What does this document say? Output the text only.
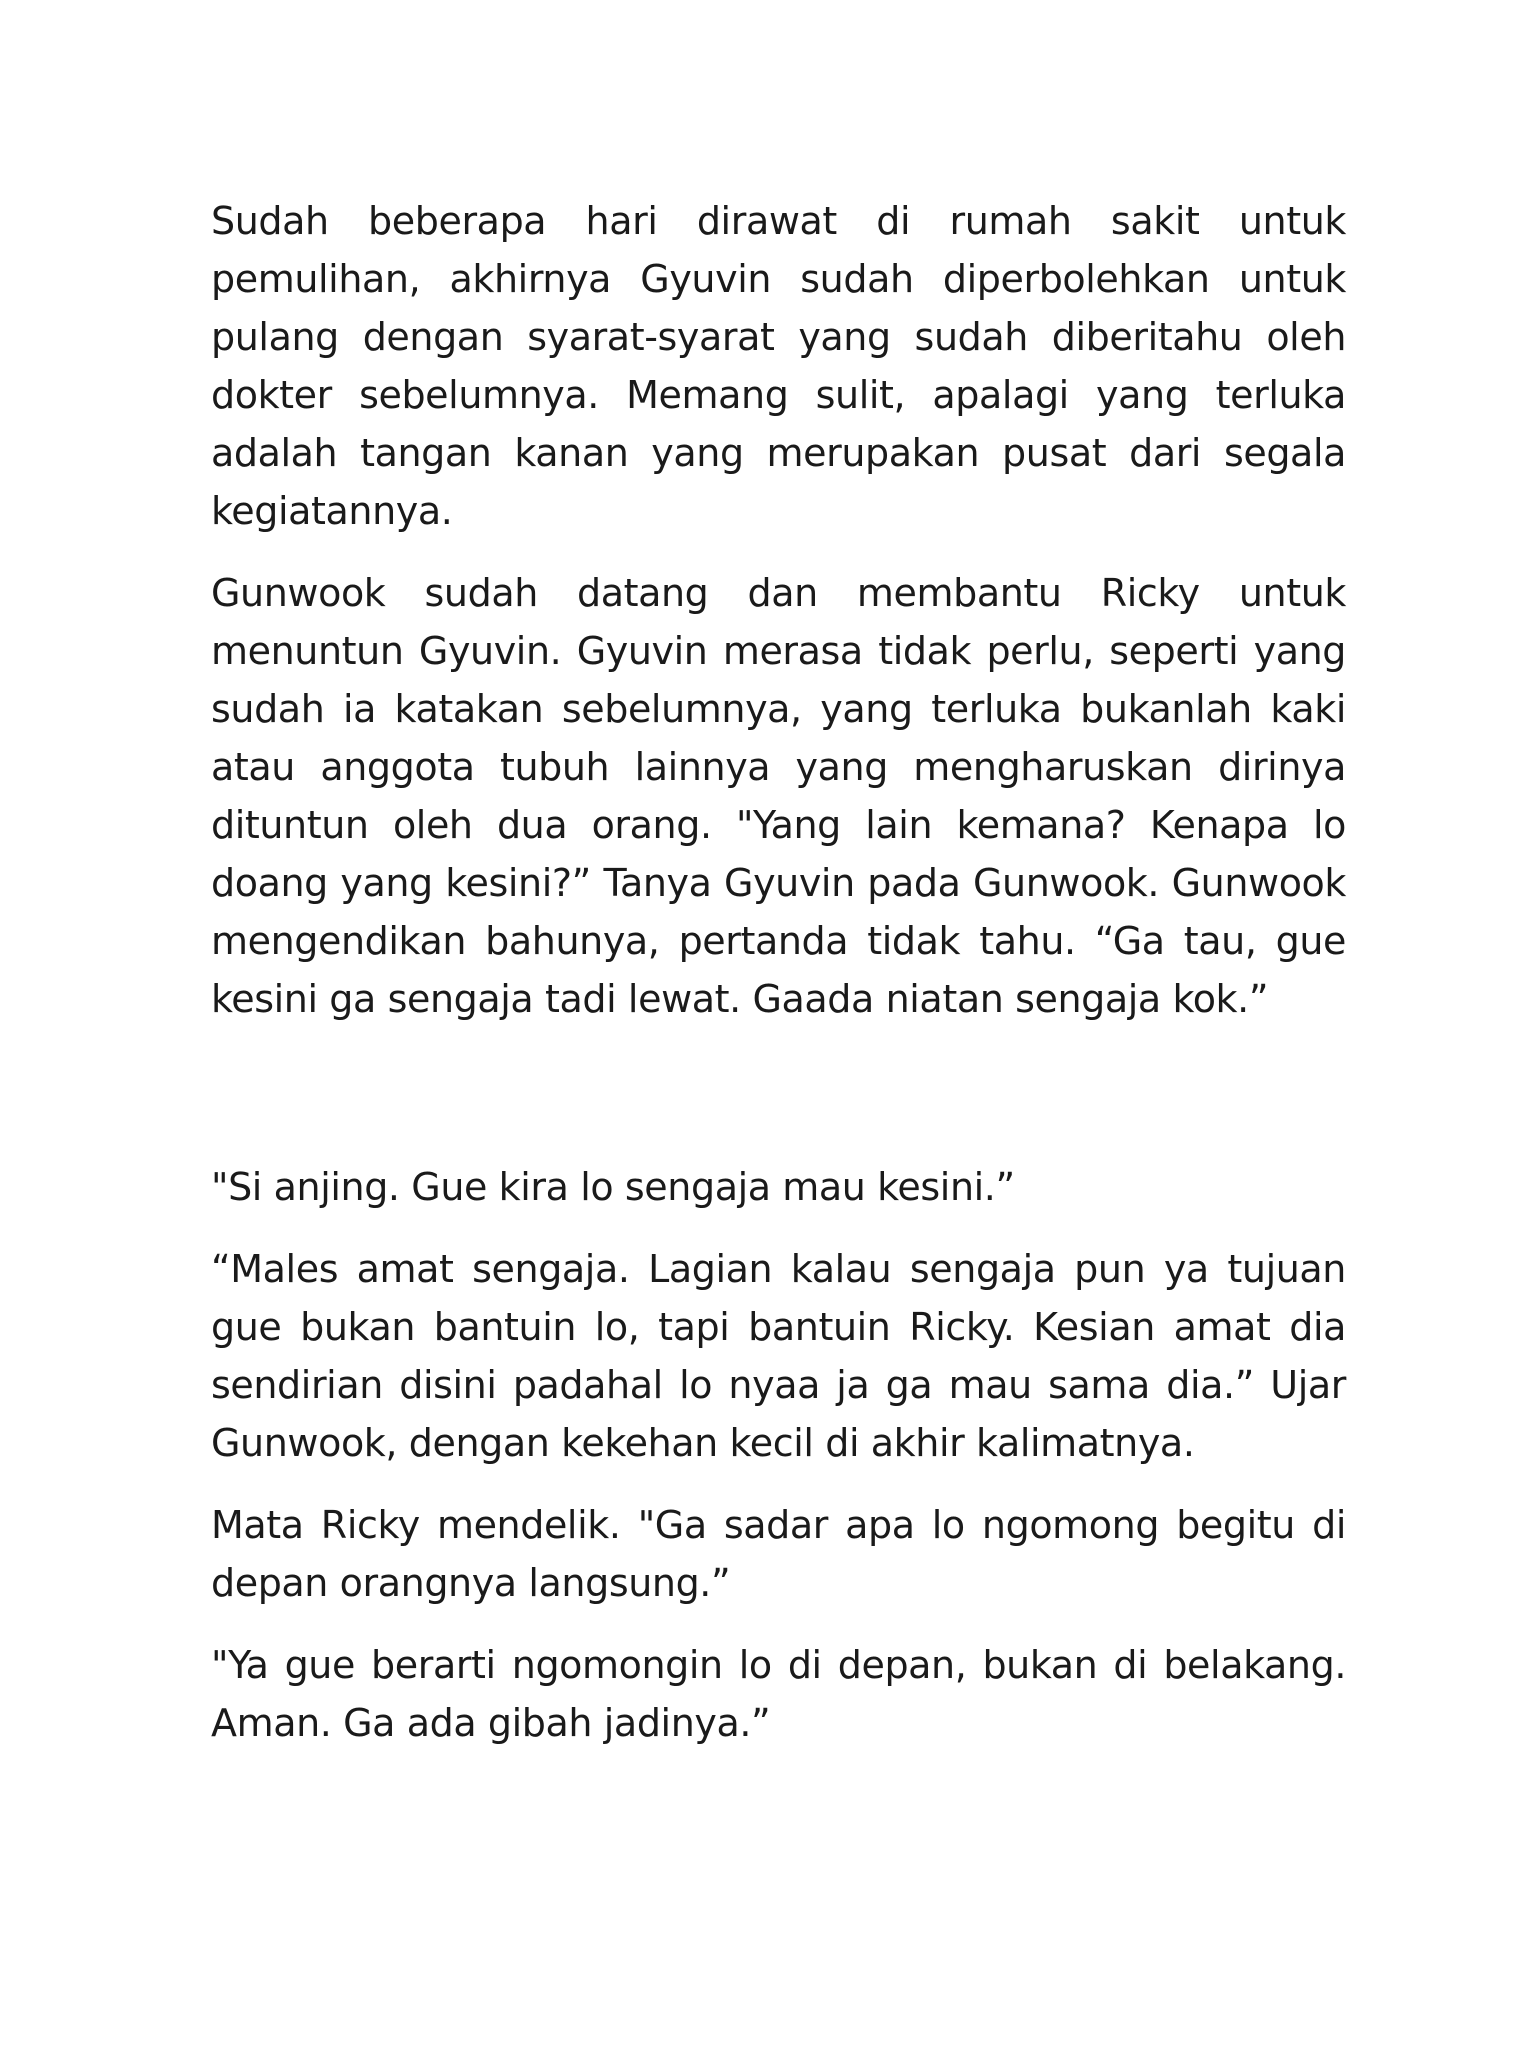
Sudah beberapa hari dirawat di rumah sakit untuk pemulihan, akhirnya Gyuvin sudah diperbolehkan untuk pulang dengan syarat-syarat yang sudah diberitahu oleh dokter sebelumnya. Memang sulit, apalagi yang terluka adalah tangan kanan yang merupakan pusat dari segala kegiatannya.

Gunwook sudah datang dan membantu Ricky untuk menuntun Gyuvin. Gyuvin merasa tidak perlu, seperti yang sudah ia katakan sebelumnya, yang terluka bukanlah kaki atau anggota tubuh lainnya yang mengharuskan dirinya dituntun oleh dua orang. "Yang lain kemana? Kenapa lo doang yang kesini?” Tanya Gyuvin pada Gunwook. Gunwook mengendikan bahunya, pertanda tidak tahu. “Ga tau, gue kesini ga sengaja tadi lewat. Gaada niatan sengaja kok.”

"Si anjing. Gue kira lo sengaja mau kesini.”

“Males amat sengaja. Lagian kalau sengaja pun ya tujuan gue bukan bantuin lo, tapi bantuin Ricky. Kesian amat dia sendirian disini padahal lo nyaa ja ga mau sama dia.” Ujar Gunwook, dengan kekehan kecil di akhir kalimatnya.

Mata Ricky mendelik. "Ga sadar apa lo ngomong begitu di depan orangnya langsung.”

"Ya gue berarti ngomongin lo di depan, bukan di belakang. Aman. Ga ada gibah jadinya.”
